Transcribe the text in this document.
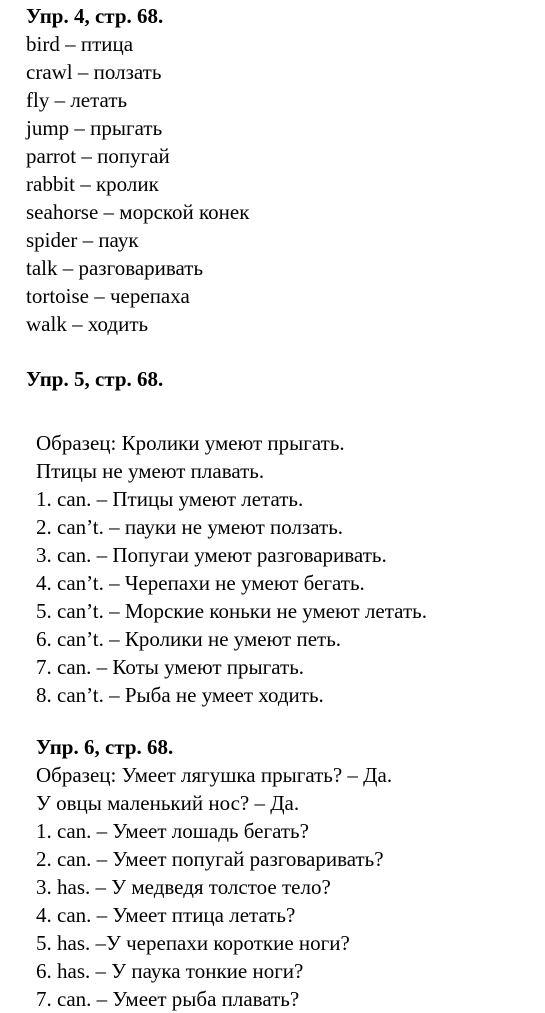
Упр. 4, стр. 68.
bird – птица
crawl – ползать
fly – летать
jump – прыгать
parrot – попугай
rabbit – кролик
seahorse – морской конек
spider – паук
talk – разговаривать
tortoise – черепаха
walk – ходить
Упр. 5, стр. 68.
Образец: Кролики умеют прыгать.
Птицы не умеют плавать.
1. can. – Птицы умеют летать.
2. can’t. – пауки не умеют ползать.
3. can. – Попугаи умеют разговаривать.
4. can’t. – Черепахи не умеют бегать.
5. can’t. – Морские коньки не умеют летать.
6. can’t. – Кролики не умеют петь.
7. can. – Коты умеют прыгать.
8. can’t. – Рыба не умеет ходить.
Упр. 6, стр. 68.
Образец: Умеет лягушка прыгать? – Да.
У овцы маленький нос? – Да.
1. can. – Умеет лошадь бегать?
2. can. – Умеет попугай разговаривать?
3. has. – У медведя толстое тело?
4. can. – Умеет птица летать?
5. has. –У черепахи короткие ноги?
6. has. – У паука тонкие ноги?
7. can. – Умеет рыба плавать?
